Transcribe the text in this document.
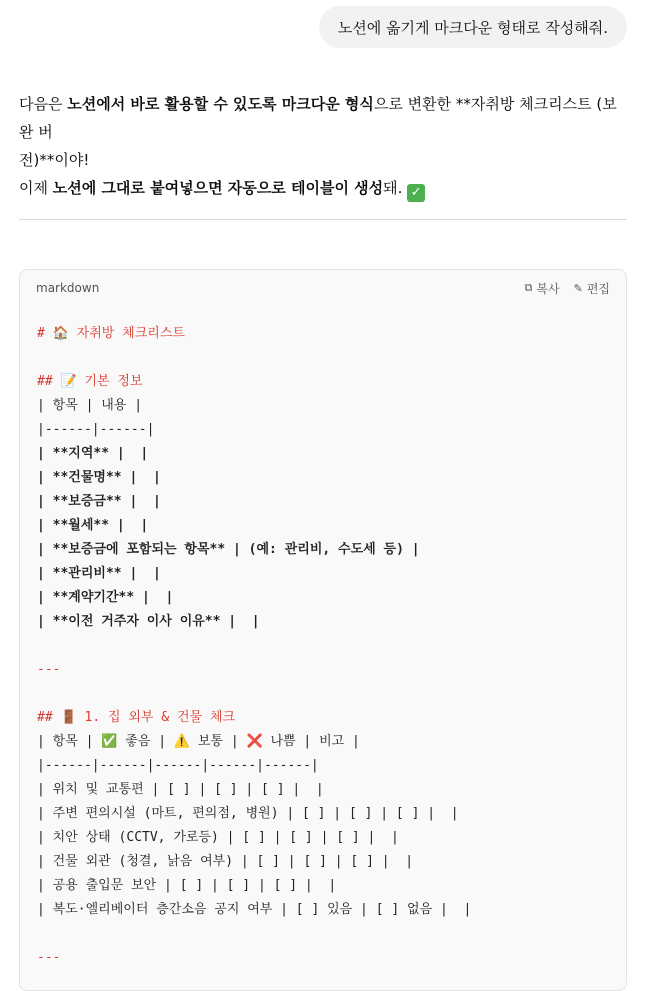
노션에 옮기게 마크다운 형태로 작성해줘.

다음은 노션에서 바로 활용할 수 있도록 마크다운 형식으로 변환한 **자취방 체크리스트 (보완 버

전)**이야!

이제 노션에 그대로 붙여넣으면 자동으로 테이블이 생성돼. ✓

markdown	⧉ 복사 ✎ 편집
# 🏠 자취방 체크리스트
## 📝 기본 정보
| 항목 | 내용 |
|------|------|
| **지역** |  |
| **건물명** |  |
| **보증금** |  |
| **월세** |  |
| **보증금에 포함되는 항목** | (예: 관리비, 수도세 등) |
| **관리비** |  |
| **계약기간** |  |
| **이전 거주자 이사 이유** |  |
---
## 🚪 1. 집 외부 & 건물 체크
| 항목 | ✅ 좋음 | ⚠️ 보통 | ❌ 나쁨 | 비고 |
|------|------|------|------|------|
| 위치 및 교통편 | [ ] | [ ] | [ ] |  |
| 주변 편의시설 (마트, 편의점, 병원) | [ ] | [ ] | [ ] |  |
| 치안 상태 (CCTV, 가로등) | [ ] | [ ] | [ ] |  |
| 건물 외관 (청결, 낡음 여부) | [ ] | [ ] | [ ] |  |
| 공용 출입문 보안 | [ ] | [ ] | [ ] |  |
| 복도·엘리베이터 층간소음 공지 여부 | [ ] 있음 | [ ] 없음 |  |
---
